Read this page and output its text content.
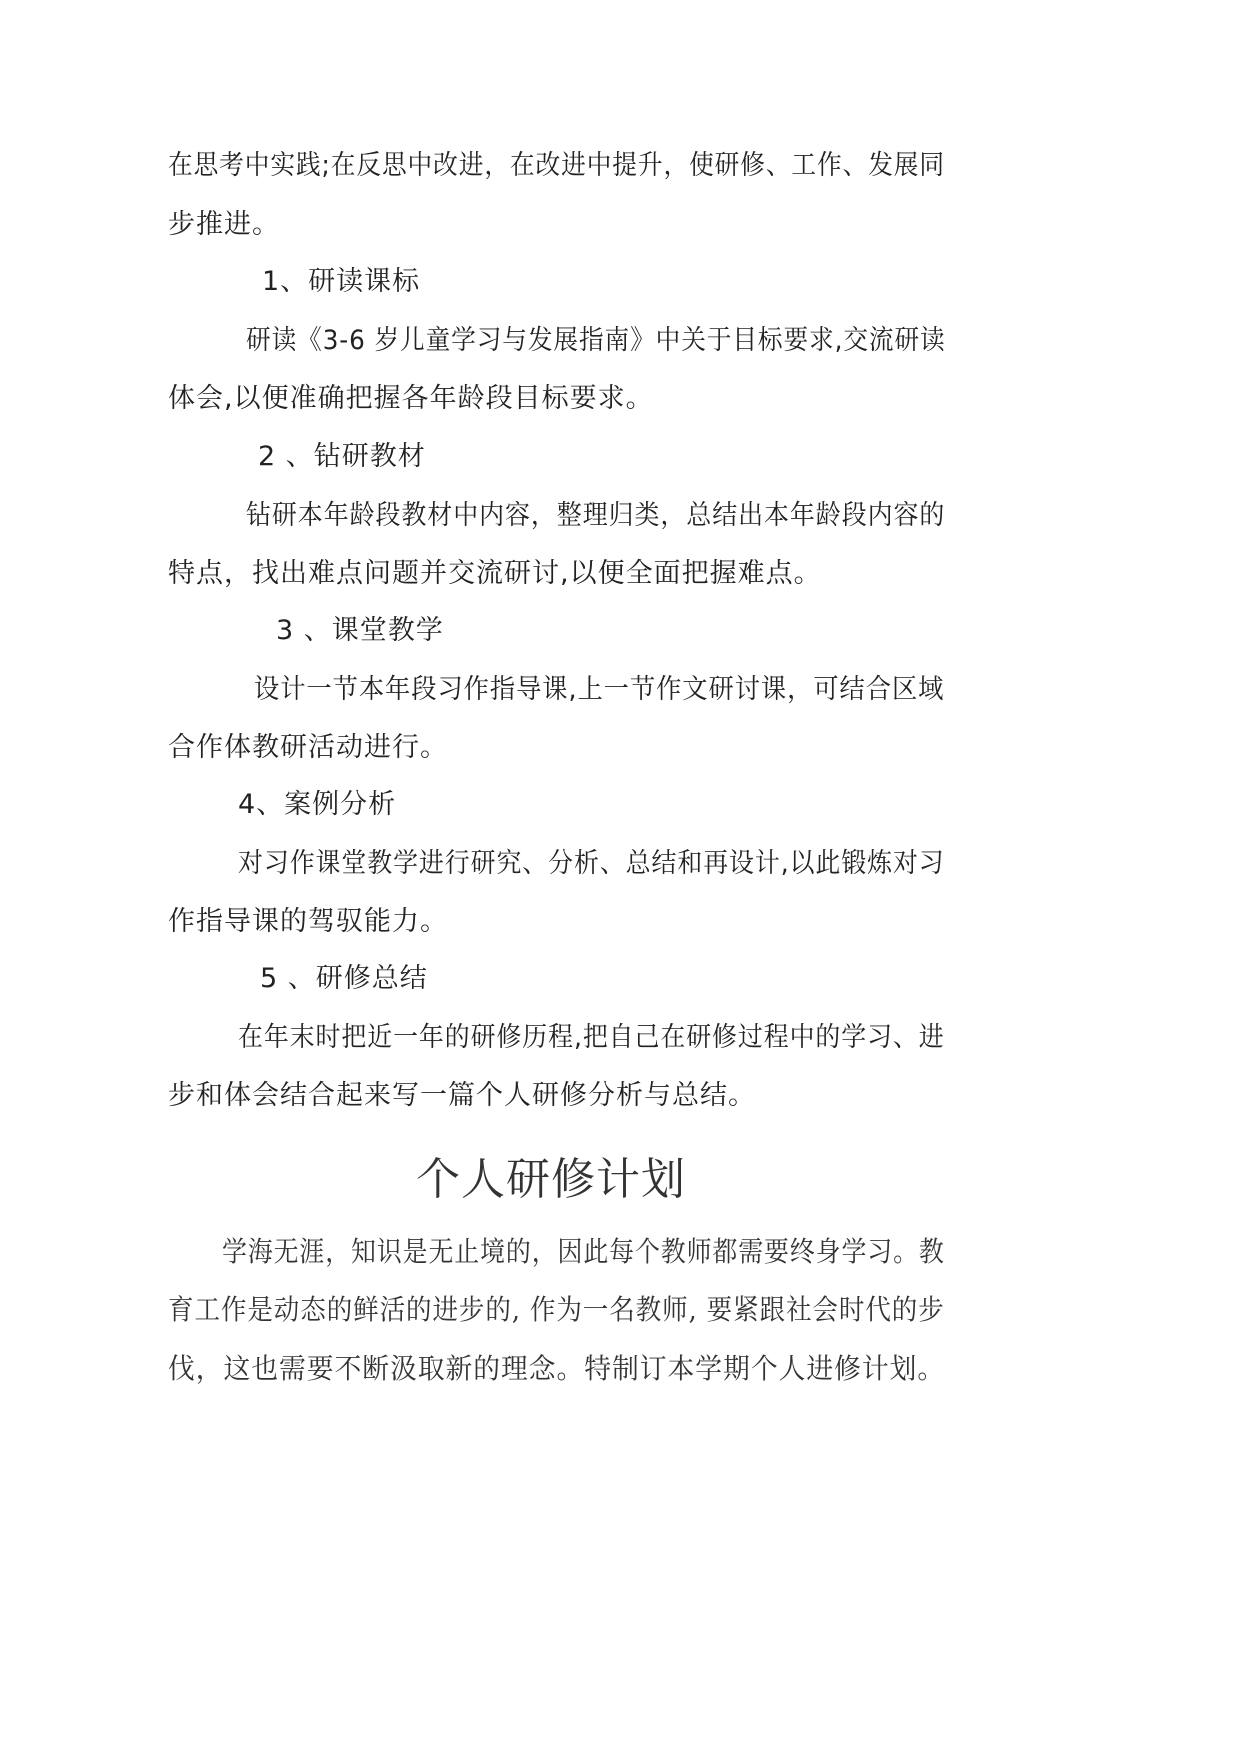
在思考中实践;在反思中改进，在改进中提升，使研修、工作、发展同

步推进。

1、研读课标

研读《3-6 岁儿童学习与发展指南》中关于目标要求,交流研读

体会,以便准确把握各年龄段目标要求。

2 、钻研教材

钻研本年龄段教材中内容，整理归类，总结出本年龄段内容的

特点，找出难点问题并交流研讨,以便全面把握难点。

3 、课堂教学

设计一节本年段习作指导课,上一节作文研讨课，可结合区域

合作体教研活动进行。

4、案例分析

对习作课堂教学进行研究、分析、总结和再设计,以此锻炼对习

作指导课的驾驭能力。

5 、研修总结

在年末时把近一年的研修历程,把自己在研修过程中的学习、进

步和体会结合起来写一篇个人研修分析与总结。

个人研修计划

学海无涯，知识是无止境的，因此每个教师都需要终身学习。教

育工作是动态的鲜活的进步的, 作为一名教师, 要紧跟社会时代的步

伐，这也需要不断汲取新的理念。特制订本学期个人进修计划。
